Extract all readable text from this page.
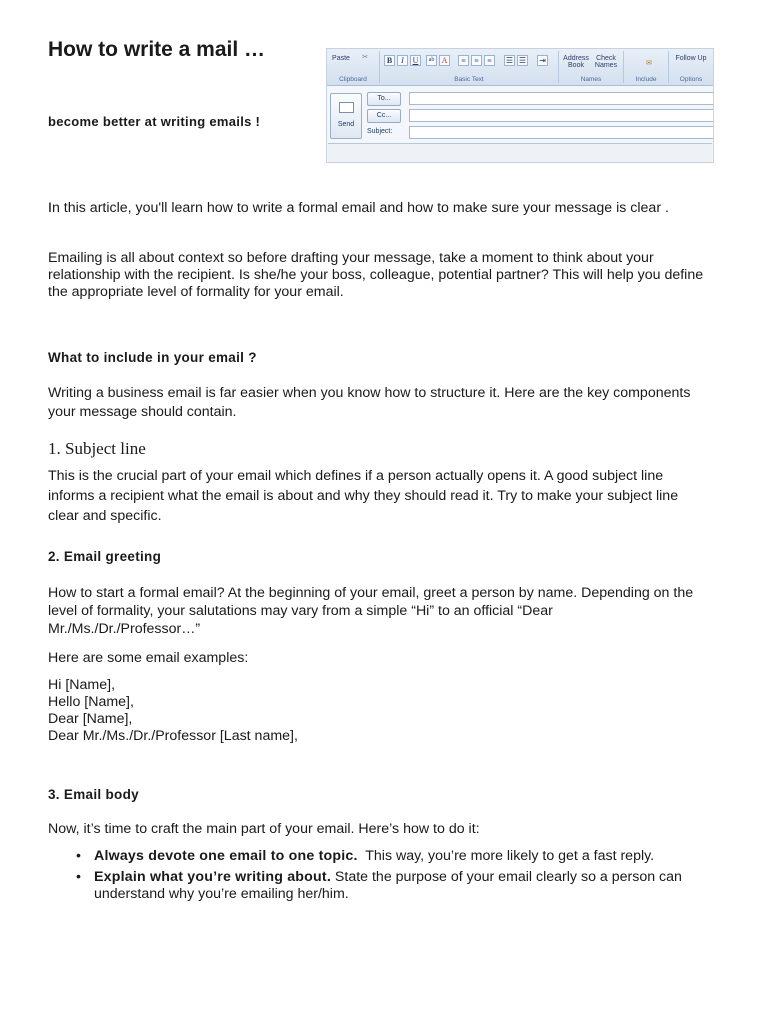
How to write a mail …
become better at writing emails !
Paste	✂
Clipboard
B	I	U	ab A	≡	≡	≡	☰ ☰ ⇥
Basic Text
Address Book
Check Names
Names
✉
Include
Follow Up
Options
Send
To...
Cc...
Subject:
In this article, you'll learn how to write a formal email and how to make sure your message is clear .
Emailing is all about context so before drafting your message, take a moment to think about your relationship with the recipient. Is she/he your boss, colleague, potential partner? This will help you define the appropriate level of formality for your email.
What to include in your email ?
Writing a business email is far easier when you know how to structure it. Here are the key components your message should contain.
1. Subject line
This is the crucial part of your email which defines if a person actually opens it. A good subject line informs a recipient what the email is about and why they should read it. Try to make your subject line clear and specific.
2. Email greeting
How to start a formal email? At the beginning of your email, greet a person by name. Depending on the level of formality, your salutations may vary from a simple “Hi” to an official “Dear Mr./Ms./Dr./Professor…”
Here are some email examples:
Hi [Name],
Hello [Name],
Dear [Name],
Dear Mr./Ms./Dr./Professor [Last name],
3. Email body
Now, it’s time to craft the main part of your email. Here’s how to do it:
• Always devote one email to one topic.  This way, you’re more likely to get a fast reply.
• Explain what you’re writing about. State the purpose of your email clearly so a person can understand why you’re emailing her/him.
